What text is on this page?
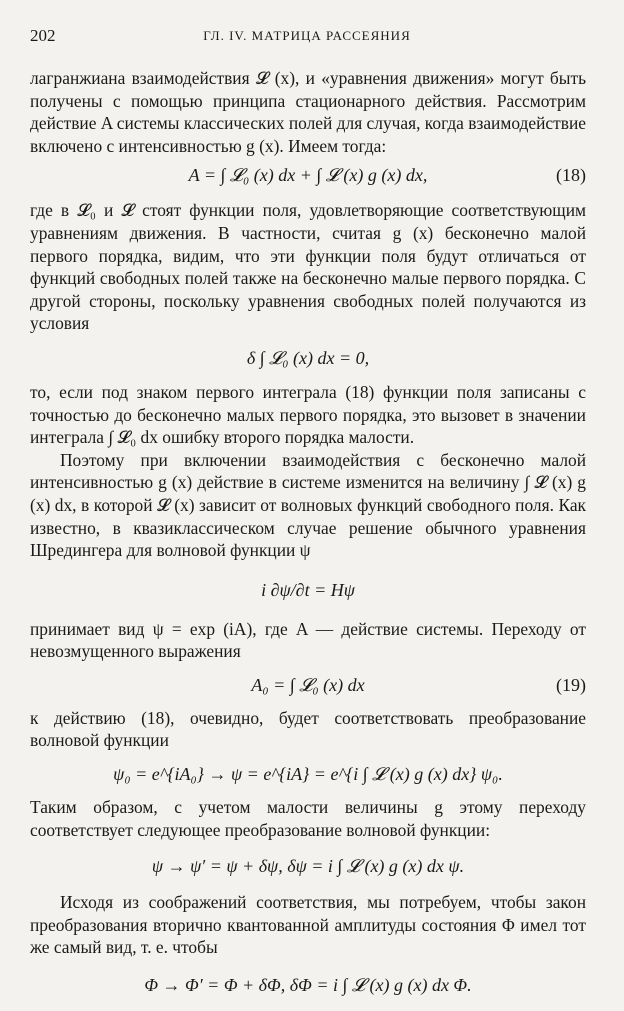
202	ГЛ. IV. МАТРИЦА РАССЕЯНИЯ

лагранжиана взаимодействия 𝓛 (x), и «уравнения движения» могут быть получены с помощью принципа стационарного действия. Рассмотрим действие A системы классических полей для случая, когда взаимодействие включено с интенсивностью g (x). Имеем тогда:

A = ∫ 𝓛₀ (x) dx + ∫ 𝓛 (x) g (x) dx,	(18)

где в 𝓛₀ и 𝓛 стоят функции поля, удовлетворяющие соответствующим уравнениям движения. В частности, считая g (x) бесконечно малой первого порядка, видим, что эти функции поля будут отличаться от функций свободных полей также на бесконечно малые первого порядка. С другой стороны, поскольку уравнения свободных полей получаются из условия

δ ∫ 𝓛₀ (x) dx = 0,

то, если под знаком первого интеграла (18) функции поля записаны с точностью до бесконечно малых первого порядка, это вызовет в значении интеграла ∫ 𝓛₀ dx ошибку второго порядка малости.

Поэтому при включении взаимодействия с бесконечно малой интенсивностью g (x) действие в системе изменится на величину ∫ 𝓛 (x) g (x) dx, в которой 𝓛 (x) зависит от волновых функций свободного поля. Как известно, в квазиклассическом случае решение обычного уравнения Шредингера для волновой функции ψ

i ∂ψ/∂t = Hψ

принимает вид ψ = exp (iA), где A — действие системы. Переходу от невозмущенного выражения

A₀ = ∫ 𝓛₀ (x) dx	(19)

к действию (18), очевидно, будет соответствовать преобразование волновой функции

ψ₀ = e^{iA₀} → ψ = e^{iA} = e^{i ∫ 𝓛 (x) g (x) dx} ψ₀.

Таким образом, с учетом малости величины g этому переходу соответствует следующее преобразование волновой функции:

ψ → ψ′ = ψ + δψ, δψ = i ∫ 𝓛 (x) g (x) dx ψ.

Исходя из соображений соответствия, мы потребуем, чтобы закон преобразования вторично квантованной амплитуды состояния Φ имел тот же самый вид, т. е. чтобы

Φ → Φ′ = Φ + δΦ, δΦ = i ∫ 𝓛 (x) g (x) dx Φ.
